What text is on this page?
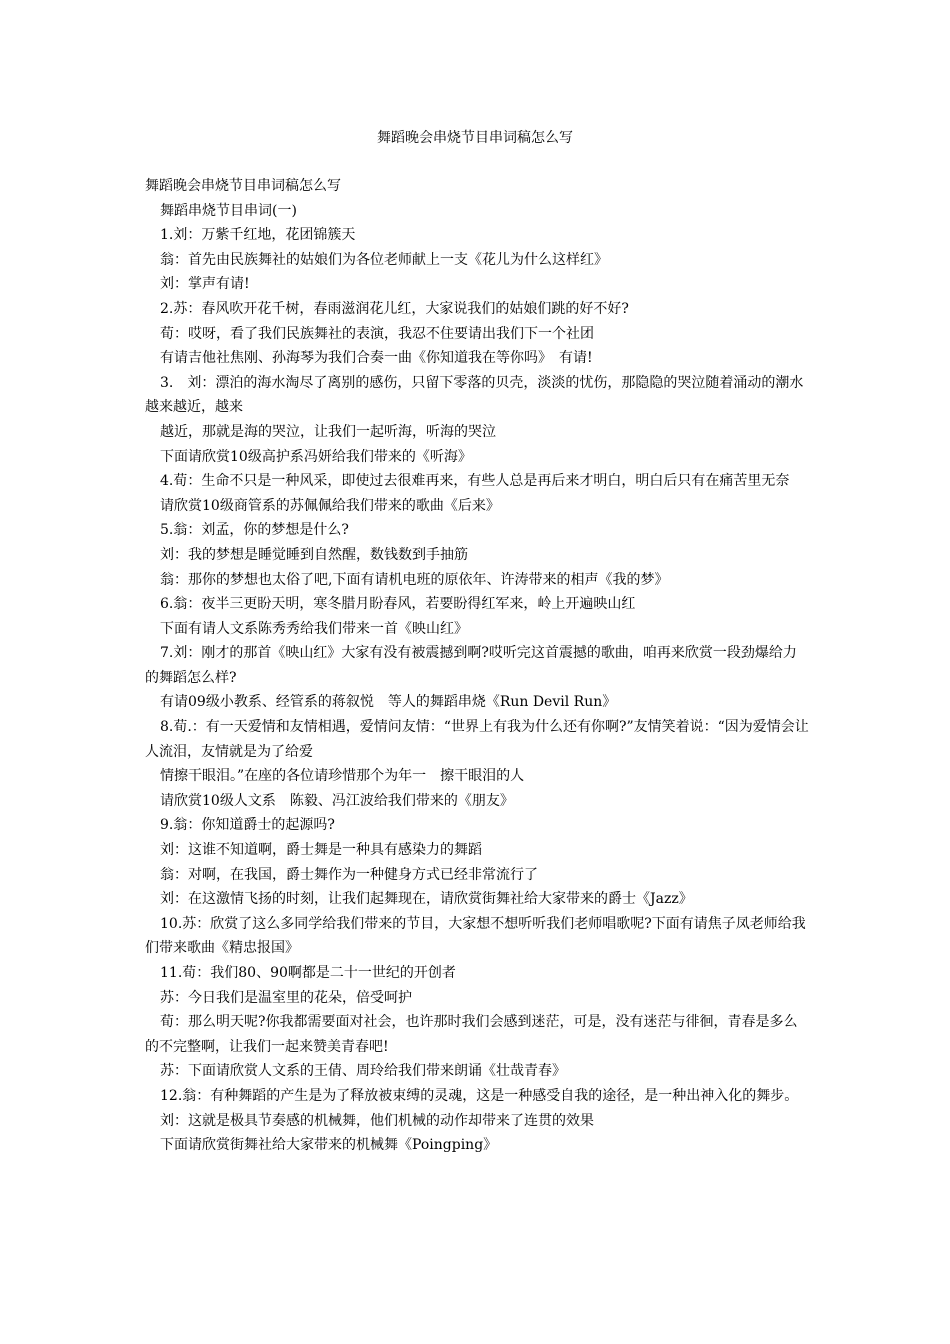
舞蹈晚会串烧节目串词稿怎么写

舞蹈晚会串烧节目串词稿怎么写

舞蹈串烧节目串词(一)

1.刘：万紫千红地，花团锦簇天

翁：首先由民族舞社的姑娘们为各位老师献上一支《花儿为什么这样红》

刘：掌声有请!

2.苏：春风吹开花千树，春雨滋润花儿红，大家说我们的姑娘们跳的好不好?

荀：哎呀，看了我们民族舞社的表演，我忍不住要请出我们下一个社团

有请吉他社焦刚、孙海琴为我们合奏一曲《你知道我在等你吗》　有请!

3.　刘：漂泊的海水淘尽了离别的感伤，只留下零落的贝壳，淡淡的忧伤，那隐隐的哭泣随着涌动的潮水越来越近，越来

越近，那就是海的哭泣，让我们一起听海，听海的哭泣

下面请欣赏10级高护系冯妍给我们带来的《听海》

4.荀：生命不只是一种风采，即使过去很难再来，有些人总是再后来才明白，明白后只有在痛苦里无奈

请欣赏10级商管系的苏佩佩给我们带来的歌曲《后来》

5.翁：刘孟，你的梦想是什么?

刘：我的梦想是睡觉睡到自然醒，数钱数到手抽筋

翁：那你的梦想也太俗了吧,下面有请机电班的原依年、许涛带来的相声《我的梦》

6.翁：夜半三更盼天明，寒冬腊月盼春风，若要盼得红军来，岭上开遍映山红

下面有请人文系陈秀秀给我们带来一首《映山红》

7.刘：刚才的那首《映山红》大家有没有被震撼到啊?哎听完这首震撼的歌曲，咱再来欣赏一段劲爆给力的舞蹈怎么样?

有请09级小教系、经管系的蒋叙悦　等人的舞蹈串烧《Run Devil Run》

8.荀.：有一天爱情和友情相遇，爱情问友情：“世界上有我为什么还有你啊?”友情笑着说：“因为爱情会让人流泪，友情就是为了给爱

情擦干眼泪。”在座的各位请珍惜那个为年一　擦干眼泪的人

请欣赏10级人文系　陈毅、冯江波给我们带来的《朋友》

9.翁：你知道爵士的起源吗?

刘：这谁不知道啊，爵士舞是一种具有感染力的舞蹈

翁：对啊，在我国，爵士舞作为一种健身方式已经非常流行了

刘：在这激情飞扬的时刻，让我们起舞现在，请欣赏街舞社给大家带来的爵士《Jazz》

10.苏：欣赏了这么多同学给我们带来的节目，大家想不想听听我们老师唱歌呢?下面有请焦子凤老师给我们带来歌曲《精忠报国》

11.荀：我们80、90啊都是二十一世纪的开创者

苏：今日我们是温室里的花朵，倍受呵护

荀：那么明天呢?你我都需要面对社会，也许那时我们会感到迷茫，可是，没有迷茫与徘徊，青春是多么的不完整啊，让我们一起来赞美青春吧!

苏：下面请欣赏人文系的王倩、周玲给我们带来朗诵《壮哉青春》

12.翁：有种舞蹈的产生是为了释放被束缚的灵魂，这是一种感受自我的途径，是一种出神入化的舞步。

刘：这就是极具节奏感的机械舞，他们机械的动作却带来了连贯的效果

下面请欣赏街舞社给大家带来的机械舞《Poingping》
